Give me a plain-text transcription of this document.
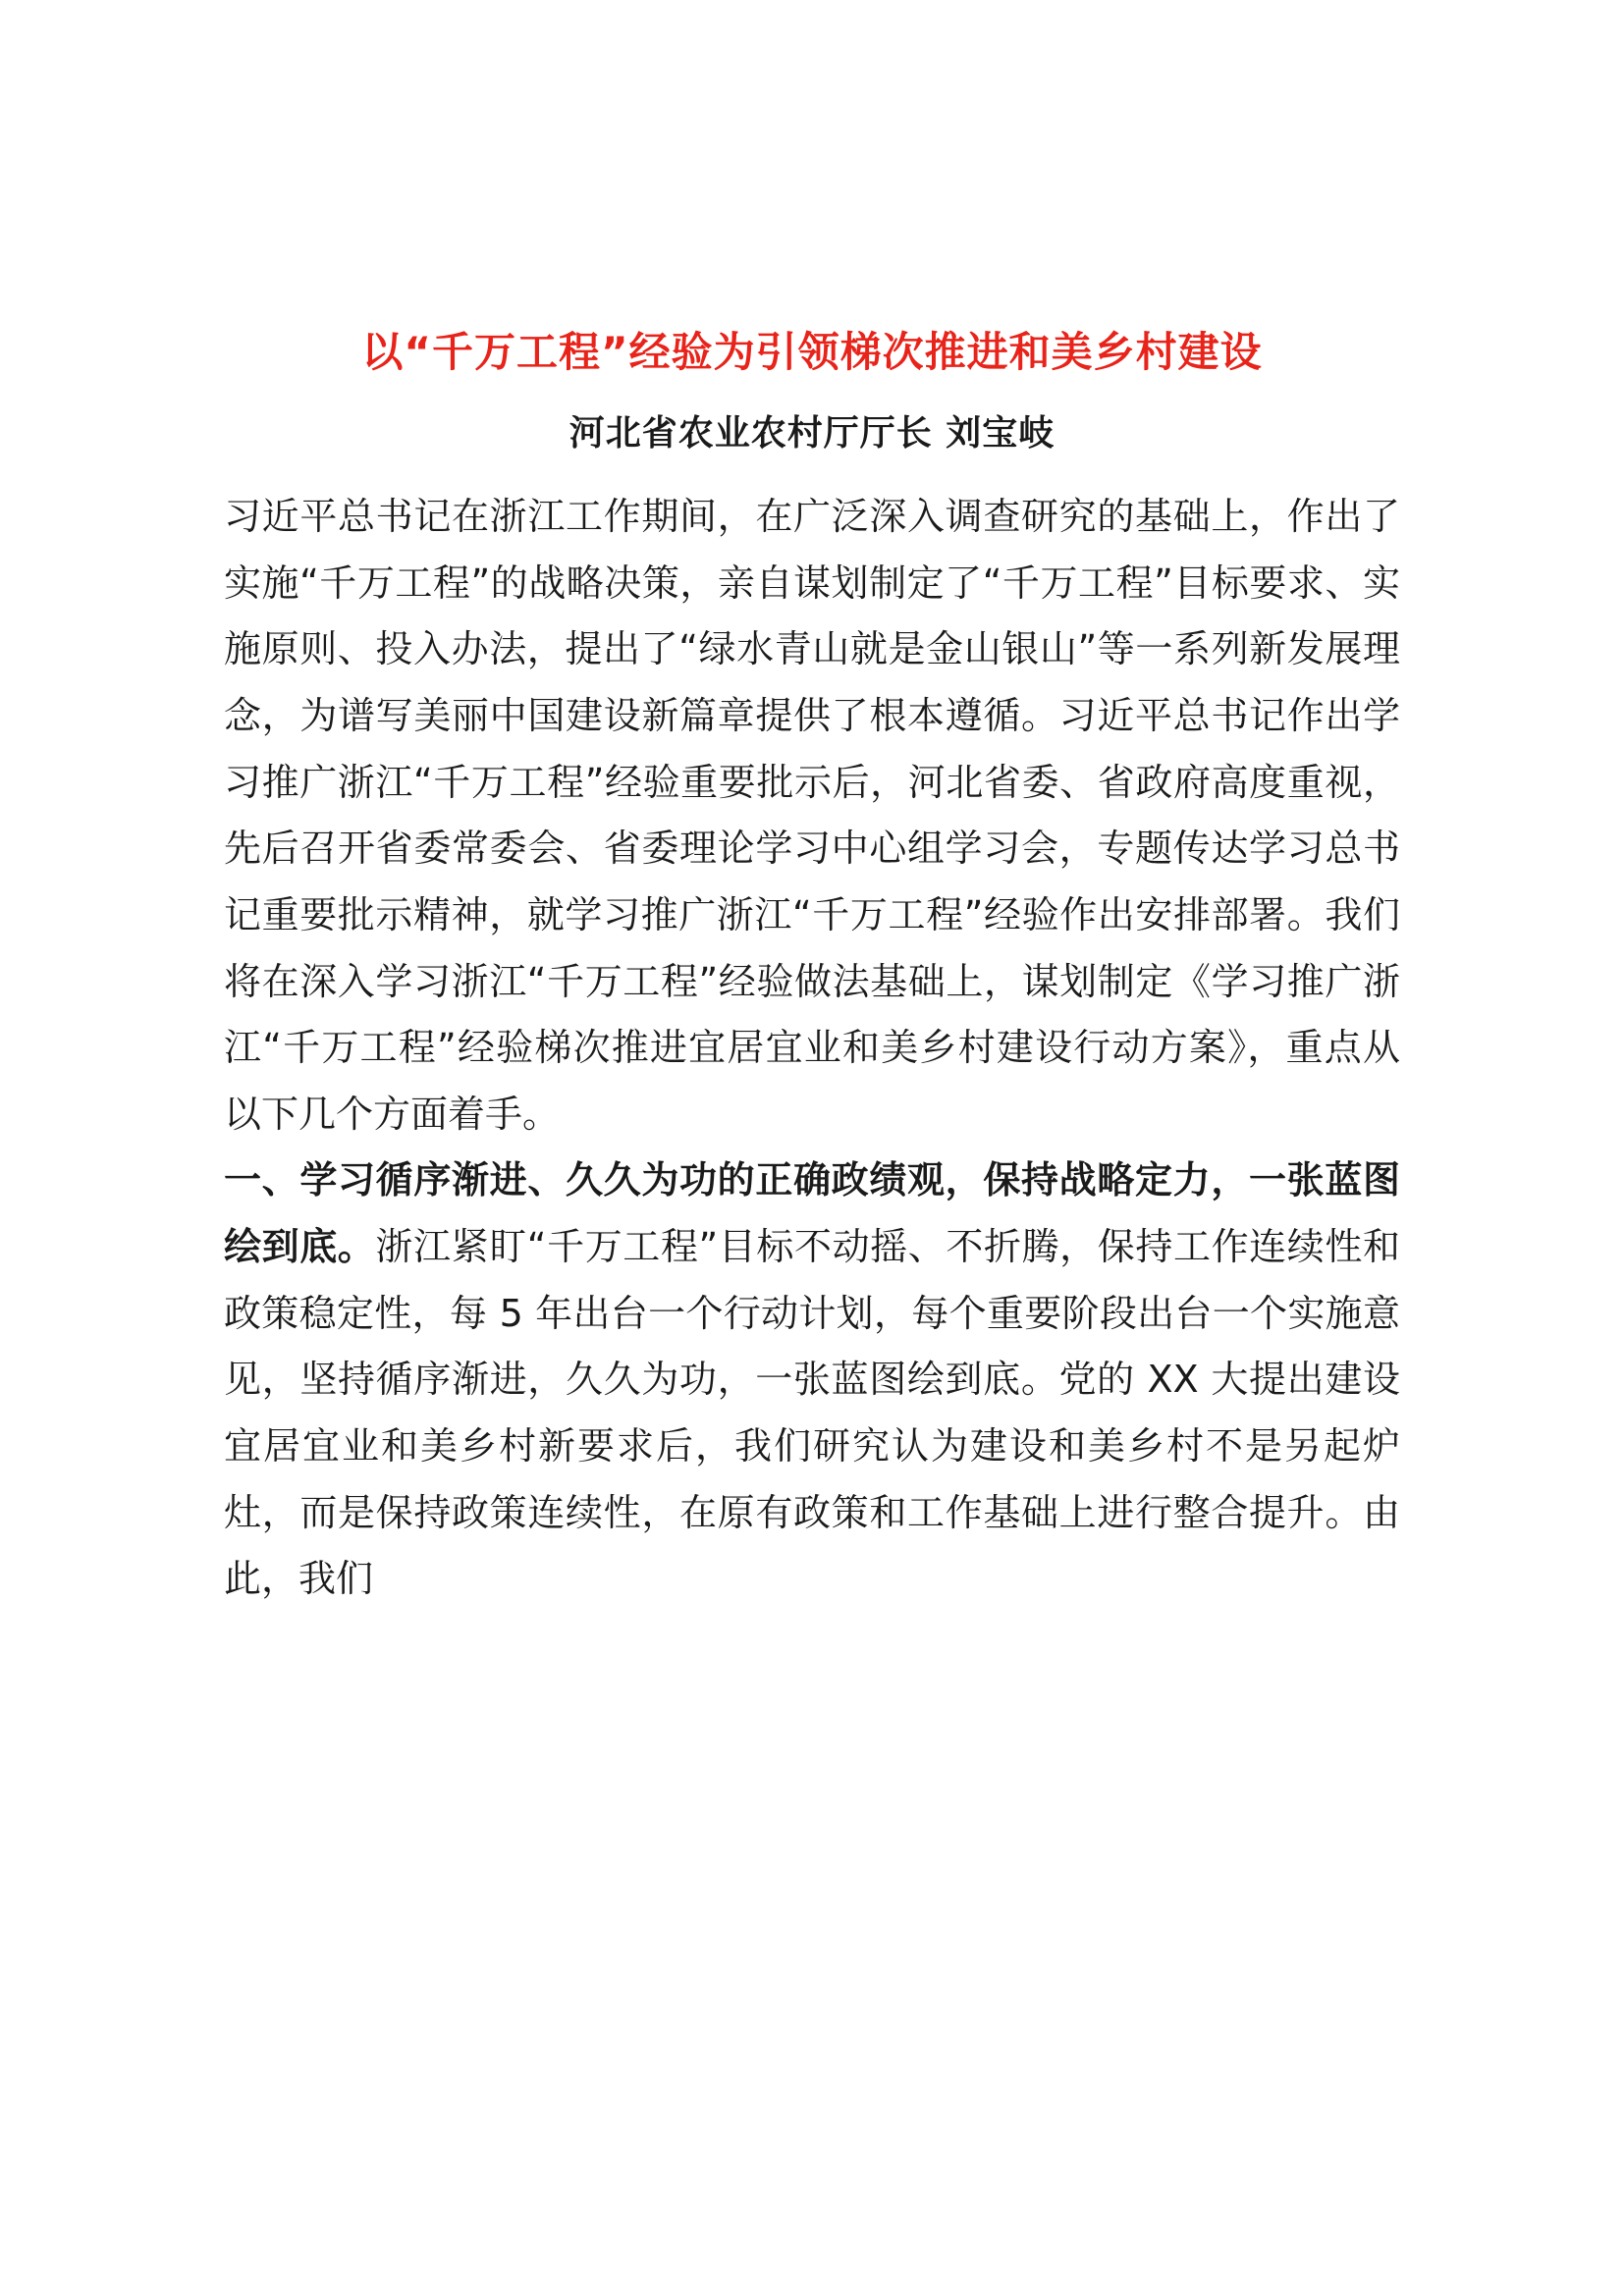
以“千万工程”经验为引领梯次推进和美乡村建设
河北省农业农村厅厅长 刘宝岐

习近平总书记在浙江工作期间，在广泛深入调查研究的基础上，作出了实施“千万工程”的战略决策，亲自谋划制定了“千万工程”目标要求、实施原则、投入办法，提出了“绿水青山就是金山银山”等一系列新发展理念，为谱写美丽中国建设新篇章提供了根本遵循。习近平总书记作出学习推广浙江“千万工程”经验重要批示后，河北省委、省政府高度重视，先后召开省委常委会、省委理论学习中心组学习会，专题传达学习总书记重要批示精神，就学习推广浙江“千万工程”经验作出安排部署。我们将在深入学习浙江“千万工程”经验做法基础上，谋划制定《学习推广浙江“千万工程”经验梯次推进宜居宜业和美乡村建设行动方案》，重点从以下几个方面着手。

一、学习循序渐进、久久为功的正确政绩观，保持战略定力，一张蓝图绘到底。浙江紧盯“千万工程”目标不动摇、不折腾，保持工作连续性和政策稳定性，每 5 年出台一个行动计划，每个重要阶段出台一个实施意见，坚持循序渐进，久久为功，一张蓝图绘到底。党的 XX 大提出建设宜居宜业和美乡村新要求后，我们研究认为建设和美乡村不是另起炉灶，而是保持政策连续性，在原有政策和工作基础上进行整合提升。由此，我们
